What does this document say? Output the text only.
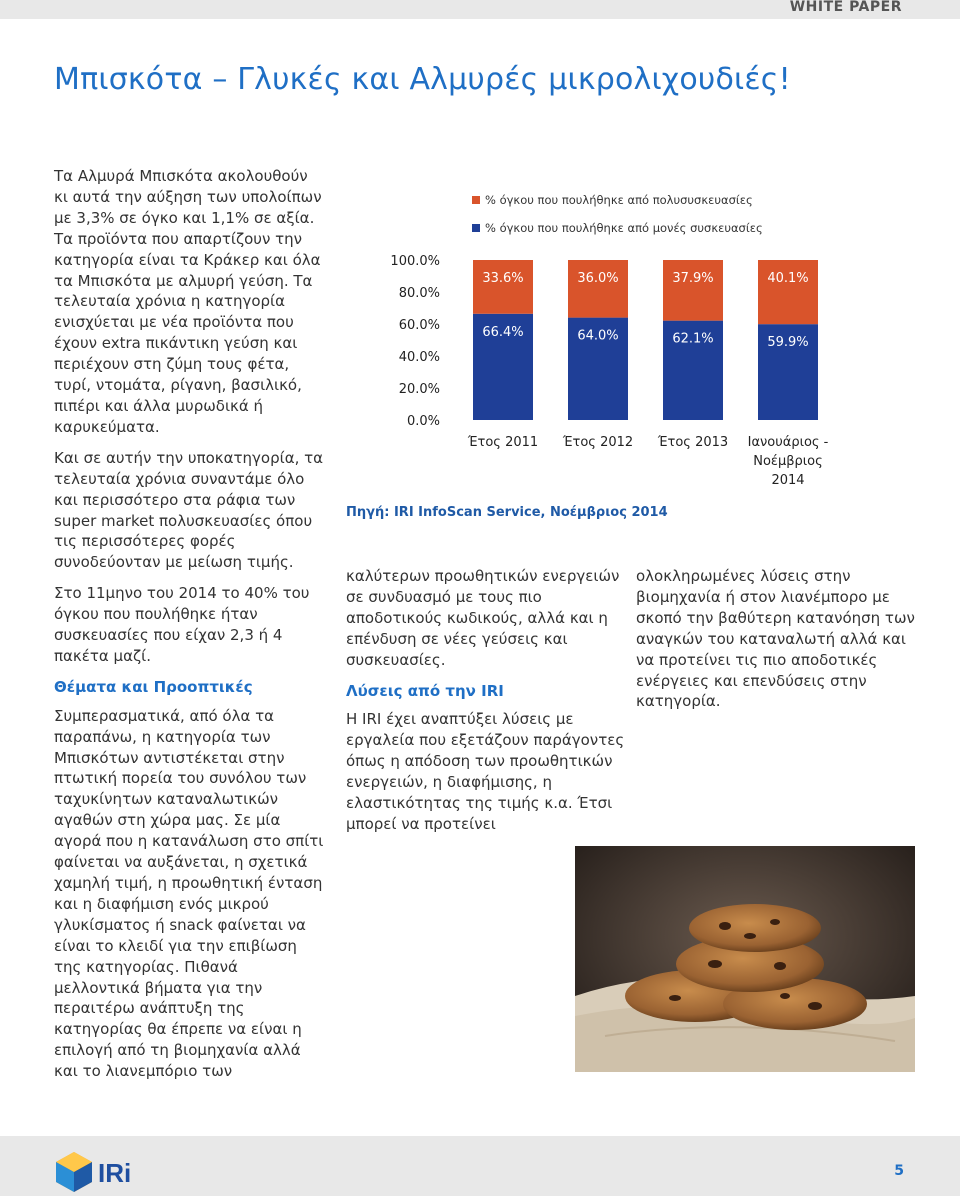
WHITE PAPER
Μπισκότα – Γλυκές και Αλμυρές μικρολιχουδιές!

Τα Αλμυρά Μπισκότα ακολουθούν κι αυτά την αύξηση των υπολοίπων με 3,3% σε όγκο και 1,1% σε αξία. Τα προϊόντα που απαρτίζουν την κατηγορία είναι τα Κράκερ και όλα τα Μπισκότα με αλμυρή γεύση. Τα τελευταία χρόνια η κατηγορία ενισχύεται με νέα προϊόντα που έχουν extra πικάντικη γεύση και περιέχουν στη ζύμη τους φέτα, τυρί, ντομάτα, ρίγανη, βασιλικό, πιπέρι και άλλα μυρωδικά ή καρυκεύματα.

Και σε αυτήν την υποκατηγορία, τα τελευταία χρόνια συναντάμε όλο και περισσότερο στα ράφια των super market πολυσκευασίες όπου τις περισσότερες φορές συνοδεύονταν με μείωση τιμής.

Στο 11μηνο του 2014 το 40% του όγκου που πουλήθηκε ήταν συσκευασίες που είχαν 2,3 ή 4 πακέτα μαζί.

Θέματα και Προοπτικές

Συμπερασματικά, από όλα τα παραπάνω, η κατηγορία των Μπισκότων αντιστέκεται στην πτωτική πορεία του συνόλου των ταχυκίνητων καταναλωτικών αγαθών στη χώρα μας. Σε μία αγορά που η κατανάλωση στο σπίτι φαίνεται να αυξάνεται, η σχετικά χαμηλή τιμή, η προωθητική ένταση και η διαφήμιση ενός μικρού γλυκίσματος ή snack φαίνεται να είναι το κλειδί για την επιβίωση της κατηγορίας. Πιθανά μελλοντικά βήματα για την περαιτέρω ανάπτυξη της κατηγορίας θα έπρεπε να είναι η επιλογή από τη βιομηχανία αλλά και το λιανεμπόριο των

% όγκου που πουλήθηκε από πολυσυσκευασίες
% όγκου που πουλήθηκε από μονές συσκευασίες
0.0%
20.0%
40.0%
60.0%
80.0%
100.0%
66.4%
33.6%
Έτος 2011
64.0%
36.0%
Έτος 2012
62.1%
37.9%
Έτος 2013
59.9%
40.1%
Ιανουάριος -
Νοέμβριος
2014
Πηγή: IRI InfoScan Service, Νοέμβριος 2014

καλύτερων προωθητικών ενεργειών σε συνδυασμό με τους πιο αποδοτικούς κωδικούς, αλλά και η επένδυση σε νέες γεύσεις και συσκευασίες.

Λύσεις από την IRI

Η IRI έχει αναπτύξει λύσεις με εργαλεία που εξετάζουν παράγοντες όπως η απόδοση των προωθητικών ενεργειών, η διαφήμισης, η ελαστικότητας της τιμής κ.α. Έτσι μπορεί να προτείνει

ολοκληρωμένες λύσεις στην βιομηχανία ή στον λιανέμπορο με σκοπό την βαθύτερη κατανόηση των αναγκών του καταναλωτή αλλά και να προτείνει τις πιο αποδοτικές ενέργειες και επενδύσεις στην κατηγορία.

IRi	5
